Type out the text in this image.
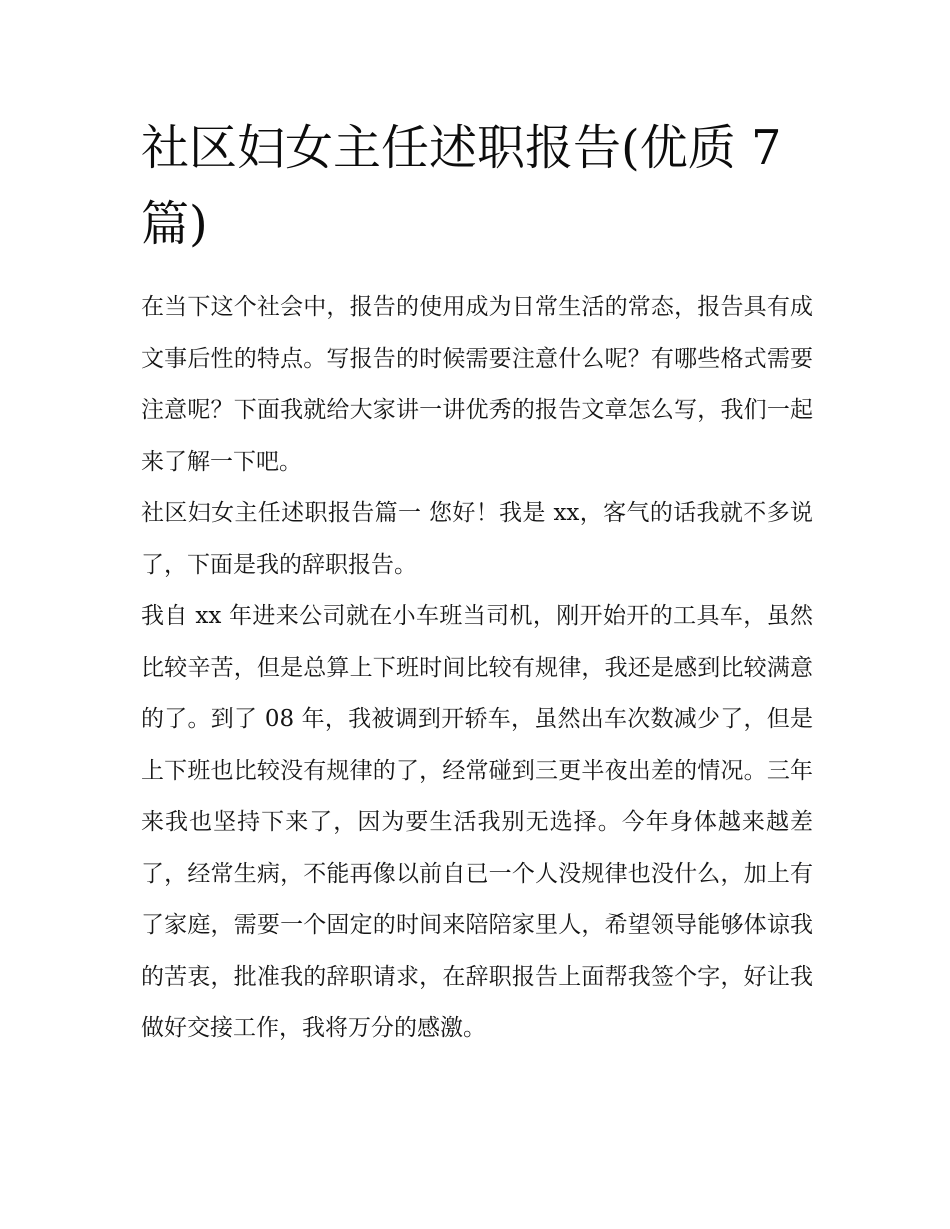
社区妇女主任述职报告(优质 7 篇)

在当下这个社会中，报告的使用成为日常生活的常态，报告具有成文事后性的特点。写报告的时候需要注意什么呢？有哪些格式需要注意呢？下面我就给大家讲一讲优秀的报告文章怎么写，我们一起来了解一下吧。

社区妇女主任述职报告篇一 您好！我是 xx，客气的话我就不多说了，下面是我的辞职报告。

我自 xx 年进来公司就在小车班当司机，刚开始开的工具车，虽然比较辛苦，但是总算上下班时间比较有规律，我还是感到比较满意的了。到了 08 年，我被调到开轿车，虽然出车次数减少了，但是上下班也比较没有规律的了，经常碰到三更半夜出差的情况。三年来我也坚持下来了，因为要生活我别无选择。今年身体越来越差了，经常生病，不能再像以前自已一个人没规律也没什么，加上有了家庭，需要一个固定的时间来陪陪家里人，希望领导能够体谅我的苦衷，批准我的辞职请求，在辞职报告上面帮我签个字，好让我做好交接工作，我将万分的感激。
